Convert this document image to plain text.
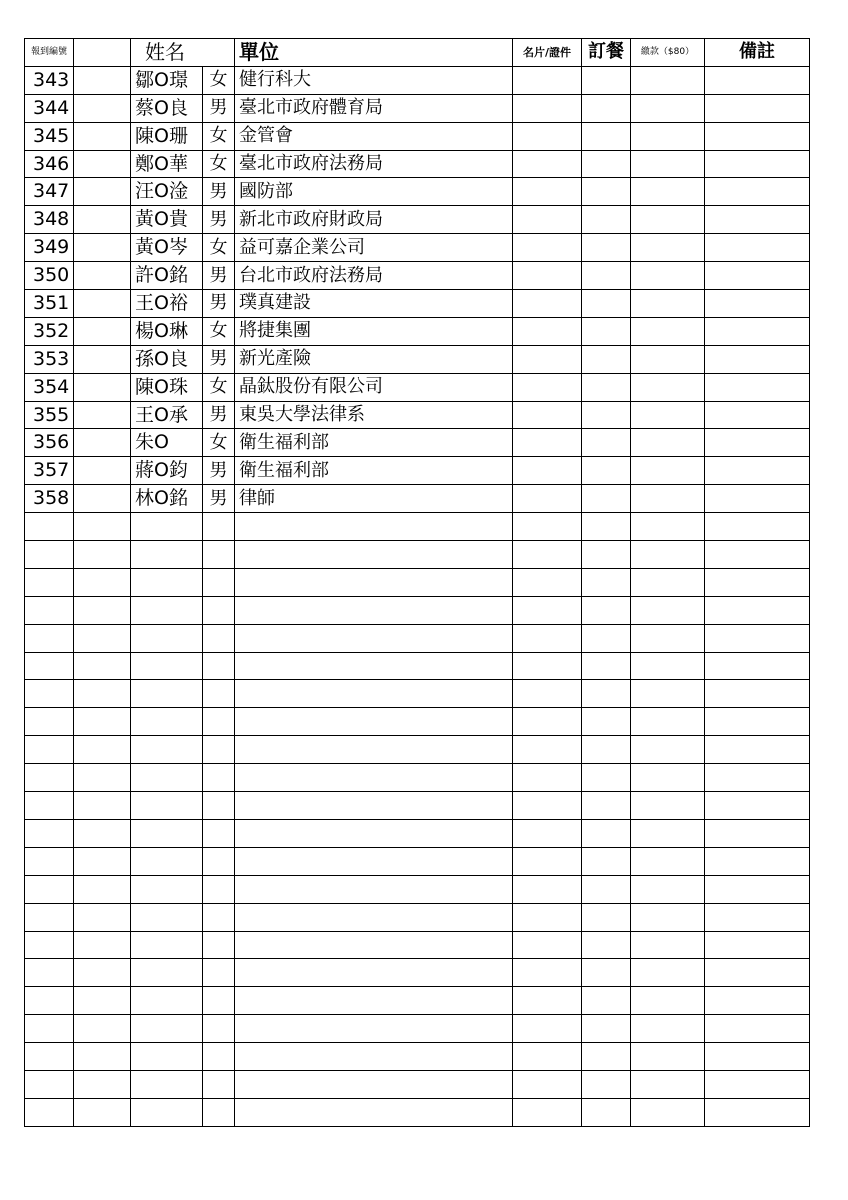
報到編號		姓名		單位	名片/證件	訂餐	繳款（$80）	備註
343		鄒O璟	女	健行科大				
344		蔡O良	男	臺北市政府體育局				
345		陳O珊	女	金管會				
346		鄭O華	女	臺北市政府法務局				
347		汪O淦	男	國防部				
348		黃O貴	男	新北市政府財政局				
349		黃O岑	女	益可嘉企業公司				
350		許O銘	男	台北市政府法務局				
351		王O裕	男	璞真建設				
352		楊O琳	女	將捷集團				
353		孫O良	男	新光產險				
354		陳O珠	女	晶鈦股份有限公司				
355		王O承	男	東吳大學法律系				
356		朱O	女	衛生福利部				
357		蔣O鈞	男	衛生福利部				
358		林O銘	男	律師				
